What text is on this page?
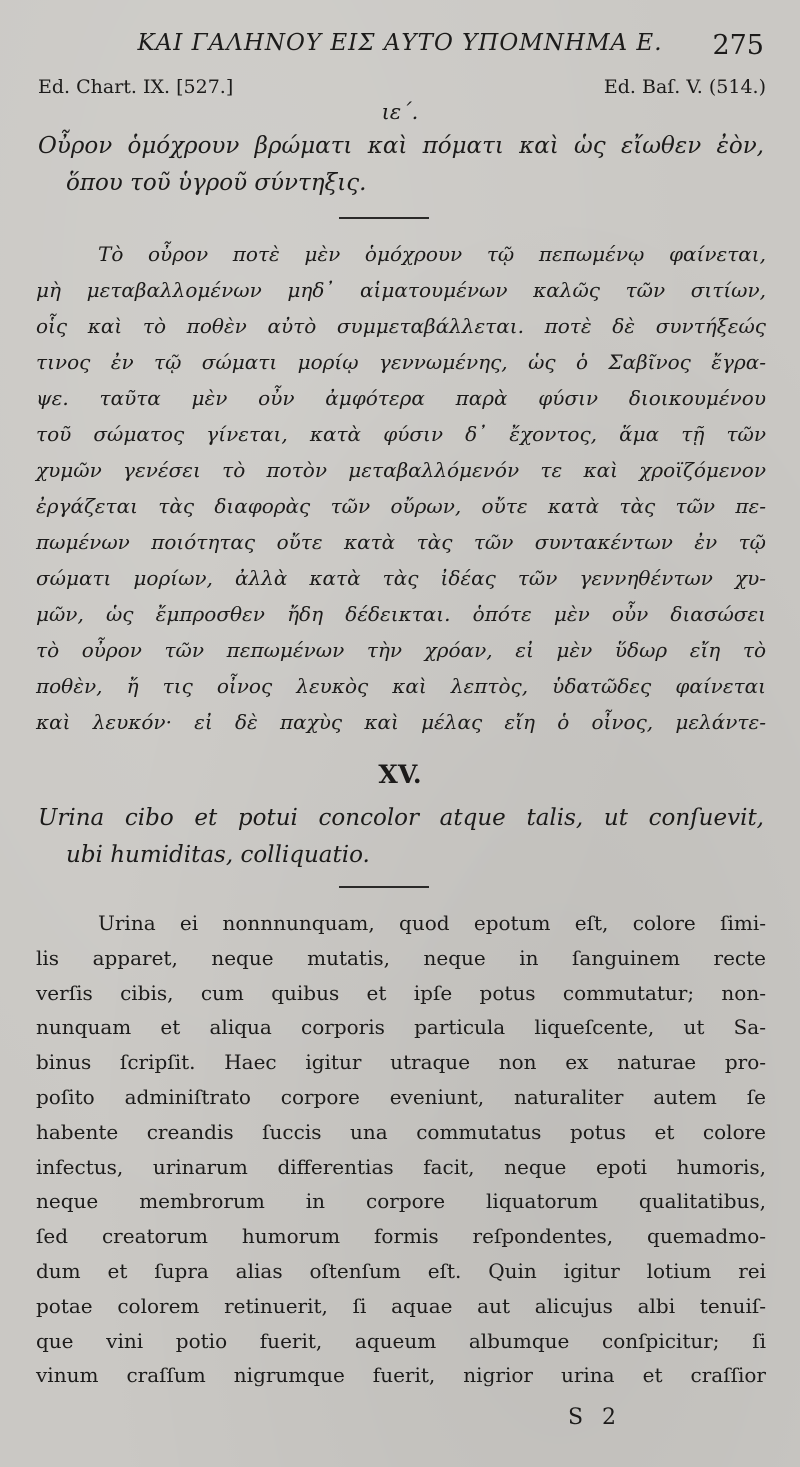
ΚΑΙ ΓΑΛΗΝΟΥ ΕΙΣ ΑΥΤΟ ΥΠΟΜΝΗΜΑ Ε. 275
Ed. Chart. IX. [527.]	Ed. Baſ. V. (514.)
ιε΄.
Οὖρον ὁμόχρουν βρώματι καὶ πόματι καὶ ὡς εἴωθεν ἐὸν,
ὅπου τοῦ ὑγροῦ σύντηξις.
Τὸ οὖρον ποτὲ μὲν ὁμόχρουν τῷ πεπωμένῳ φαίνεται,
μὴ μεταβαλλομένων μηδ᾽ αἱματουμένων καλῶς τῶν σιτίων,
οἷς καὶ τὸ ποθὲν αὐτὸ συμμεταβάλλεται. ποτὲ δὲ συντήξεώς
τινος ἐν τῷ σώματι μορίῳ γεννωμένης, ὡς ὁ Σαβῖνος ἔγρα-
ψε. ταῦτα μὲν οὖν ἀμφότερα παρὰ φύσιν διοικουμένου
τοῦ σώματος γίνεται, κατὰ φύσιν δ᾽ ἔχοντος, ἅμα τῇ τῶν
χυμῶν γενέσει τὸ ποτὸν μεταβαλλόμενόν τε καὶ χροϊζόμενον
ἐργάζεται τὰς διαφορὰς τῶν οὔρων, οὔτε κατὰ τὰς τῶν πε-
πωμένων ποιότητας οὔτε κατὰ τὰς τῶν συντακέντων ἐν τῷ
σώματι μορίων, ἀλλὰ κατὰ τὰς ἰδέας τῶν γεννηθέντων χυ-
μῶν, ὡς ἔμπροσθεν ἤδη δέδεικται. ὁπότε μὲν οὖν διασώσει
τὸ οὖρον τῶν πεπωμένων τὴν χρόαν, εἰ μὲν ὕδωρ εἴη τὸ
ποθὲν, ἤ τις οἶνος λευκὸς καὶ λεπτὸς, ὑδατῶδες φαίνεται
καὶ λευκόν· εἰ δὲ παχὺς καὶ μέλας εἴη ὁ οἶνος, μελάντε-
XV.
Urina cibo et potui concolor atque talis, ut conſuevit,
ubi humiditas, colliquatio.
Urina ei nonnnunquam, quod epotum eſt, colore ſimi-
lis apparet, neque mutatis, neque in ſanguinem recte
verſis cibis, cum quibus et ipſe potus commutatur; non-
nunquam et aliqua corporis particula liqueſcente, ut Sa-
binus ſcripſit. Haec igitur utraque non ex naturae pro-
poſito adminiſtrato corpore eveniunt, naturaliter autem ſe
habente creandis ſuccis una commutatus potus et colore
infectus, urinarum differentias facit, neque epoti humoris,
neque membrorum in corpore liquatorum qualitatibus,
ſed creatorum humorum formis reſpondentes, quemadmo-
dum et ſupra alias oſtenſum eſt. Quin igitur lotium rei
potae colorem retinuerit, ſi aquae aut alicujus albi tenuiſ-
que vini potio fuerit, aqueum albumque conſpicitur; ſi
vinum craſſum nigrumque fuerit, nigrior urina et craſſior
S 2
